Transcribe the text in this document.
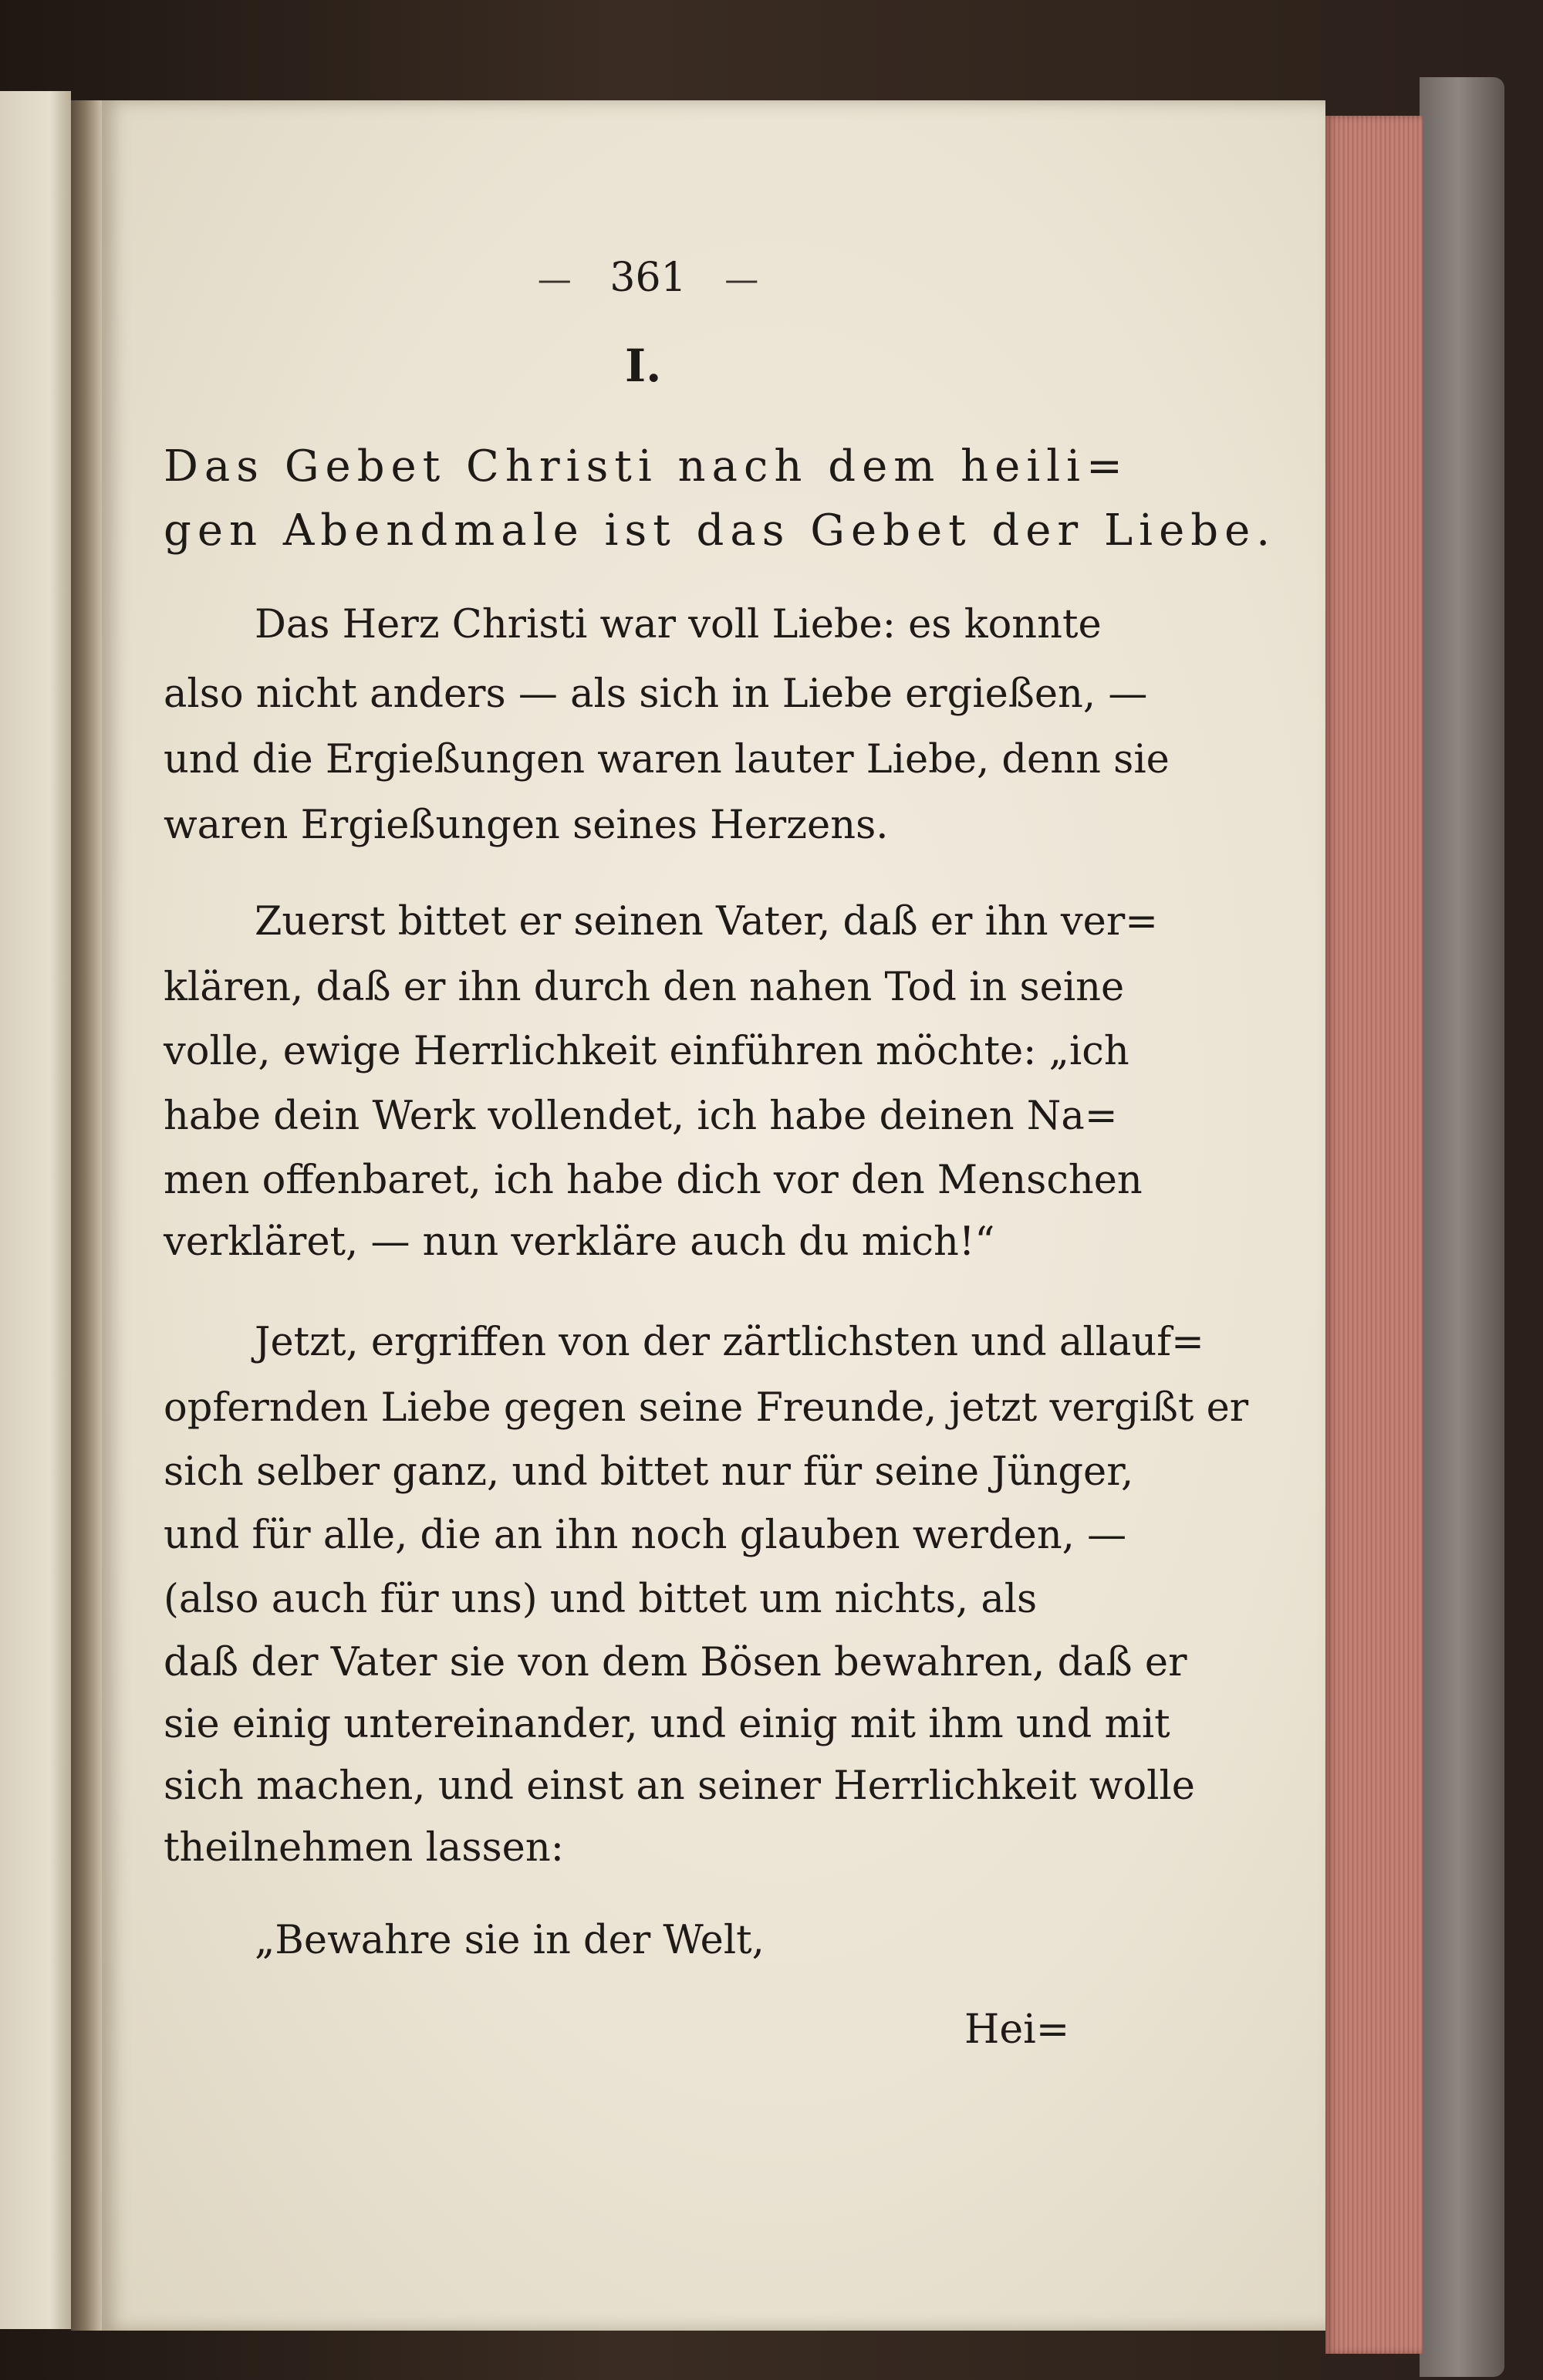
— 361 —
I.
Das Gebet Christi nach dem heili=
gen Abendmale ist das Gebet der Liebe.
Das Herz Christi war voll Liebe: es konnte
also nicht anders — als sich in Liebe ergießen, —
und die Ergießungen waren lauter Liebe, denn sie
waren Ergießungen seines Herzens.
Zuerst bittet er seinen Vater, daß er ihn ver=
klären, daß er ihn durch den nahen Tod in seine
volle, ewige Herrlichkeit einführen möchte: „ich
habe dein Werk vollendet, ich habe deinen Na=
men offenbaret, ich habe dich vor den Menschen
verkläret, — nun verkläre auch du mich!“
Jetzt, ergriffen von der zärtlichsten und allauf=
opfernden Liebe gegen seine Freunde, jetzt vergißt er
sich selber ganz, und bittet nur für seine Jünger,
und für alle, die an ihn noch glauben werden, —
(also auch für uns) und bittet um nichts, als
daß der Vater sie von dem Bösen bewahren, daß er
sie einig untereinander, und einig mit ihm und mit
sich machen, und einst an seiner Herrlichkeit wolle
theilnehmen lassen:
„Bewahre sie in der Welt,
Hei=
